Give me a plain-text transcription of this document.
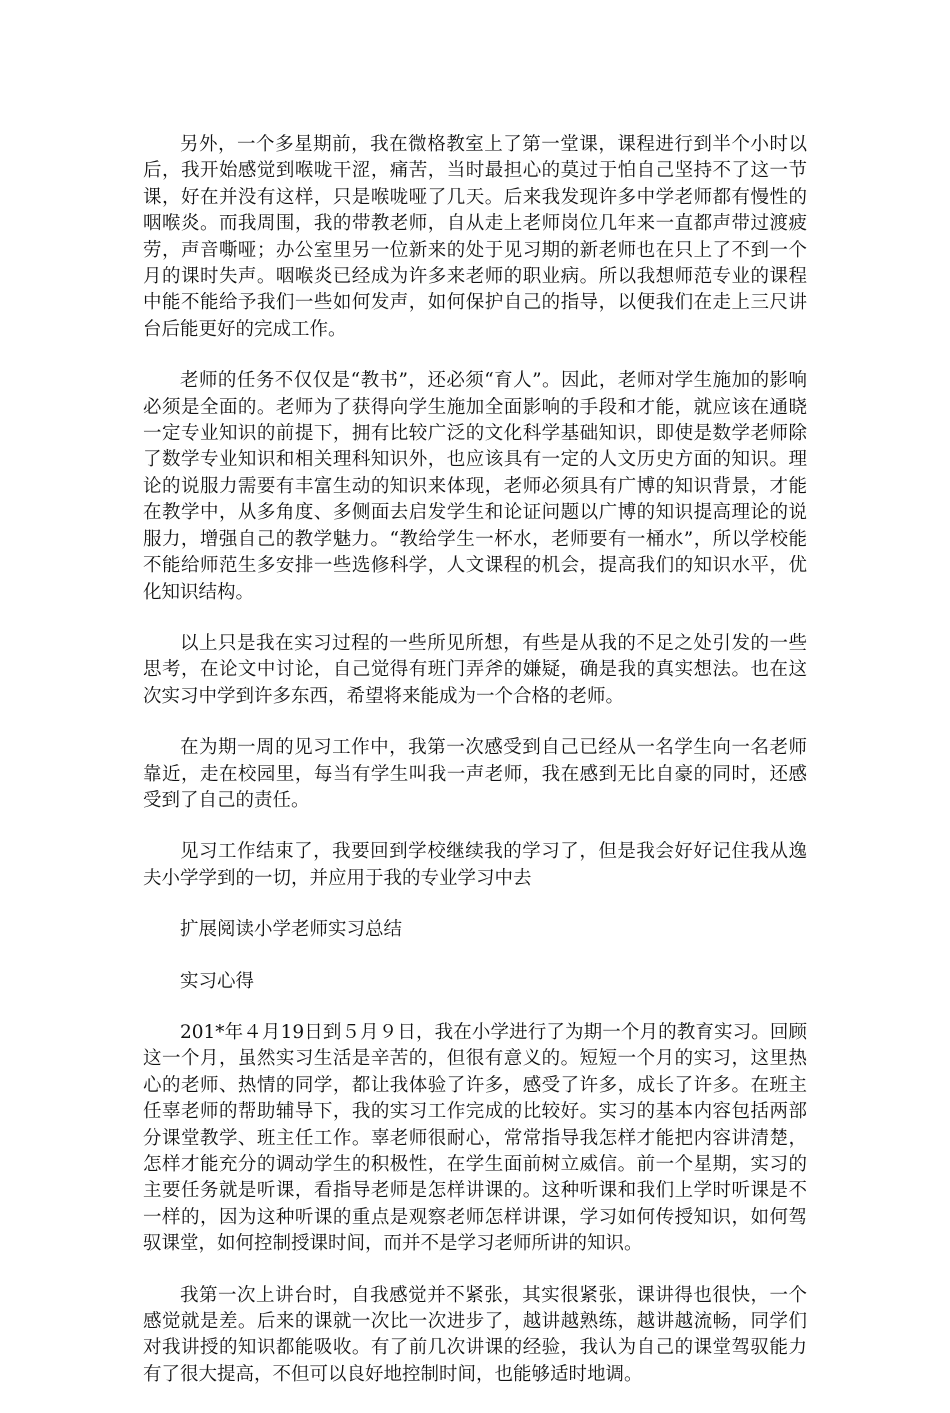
另外，一个多星期前，我在微格教室上了第一堂课，课程进行到半个小时以后，我开始感觉到喉咙干涩，痛苦，当时最担心的莫过于怕自己坚持不了这一节课，好在并没有这样，只是喉咙哑了几天。后来我发现许多中学老师都有慢性的咽喉炎。而我周围，我的带教老师，自从走上老师岗位几年来一直都声带过渡疲劳，声音嘶哑；办公室里另一位新来的处于见习期的新老师也在只上了不到一个月的课时失声。咽喉炎已经成为许多来老师的职业病。所以我想师范专业的课程中能不能给予我们一些如何发声，如何保护自己的指导，以便我们在走上三尺讲台后能更好的完成工作。

老师的任务不仅仅是“教书”，还必须“育人”。因此，老师对学生施加的影响必须是全面的。老师为了获得向学生施加全面影响的手段和才能，就应该在通晓一定专业知识的前提下，拥有比较广泛的文化科学基础知识，即使是数学老师除了数学专业知识和相关理科知识外，也应该具有一定的人文历史方面的知识。理论的说服力需要有丰富生动的知识来体现，老师必须具有广博的知识背景，才能在教学中，从多角度、多侧面去启发学生和论证问题以广博的知识提高理论的说服力，增强自己的教学魅力。“教给学生一杯水，老师要有一桶水”，所以学校能不能给师范生多安排一些选修科学，人文课程的机会，提高我们的知识水平，优化知识结构。

以上只是我在实习过程的一些所见所想，有些是从我的不足之处引发的一些思考，在论文中讨论，自己觉得有班门弄斧的嫌疑，确是我的真实想法。也在这次实习中学到许多东西，希望将来能成为一个合格的老师。

在为期一周的见习工作中，我第一次感受到自己已经从一名学生向一名老师靠近，走在校园里，每当有学生叫我一声老师，我在感到无比自豪的同时，还感受到了自己的责任。

见习工作结束了，我要回到学校继续我的学习了，但是我会好好记住我从逸夫小学学到的一切，并应用于我的专业学习中去

扩展阅读小学老师实习总结

实习心得

201*年４月19日到５月９日，我在小学进行了为期一个月的教育实习。回顾这一个月，虽然实习生活是辛苦的，但很有意义的。短短一个月的实习，这里热心的老师、热情的同学，都让我体验了许多，感受了许多，成长了许多。在班主任辜老师的帮助辅导下，我的实习工作完成的比较好。实习的基本内容包括两部分课堂教学、班主任工作。辜老师很耐心，常常指导我怎样才能把内容讲清楚，怎样才能充分的调动学生的积极性，在学生面前树立威信。前一个星期，实习的主要任务就是听课，看指导老师是怎样讲课的。这种听课和我们上学时听课是不一样的，因为这种听课的重点是观察老师怎样讲课，学习如何传授知识，如何驾驭课堂，如何控制授课时间，而并不是学习老师所讲的知识。

我第一次上讲台时，自我感觉并不紧张，其实很紧张，课讲得也很快，一个感觉就是差。后来的课就一次比一次进步了，越讲越熟练，越讲越流畅，同学们对我讲授的知识都能吸收。有了前几次讲课的经验，我认为自己的课堂驾驭能力有了很大提高，不但可以良好地控制时间，也能够适时地调。
